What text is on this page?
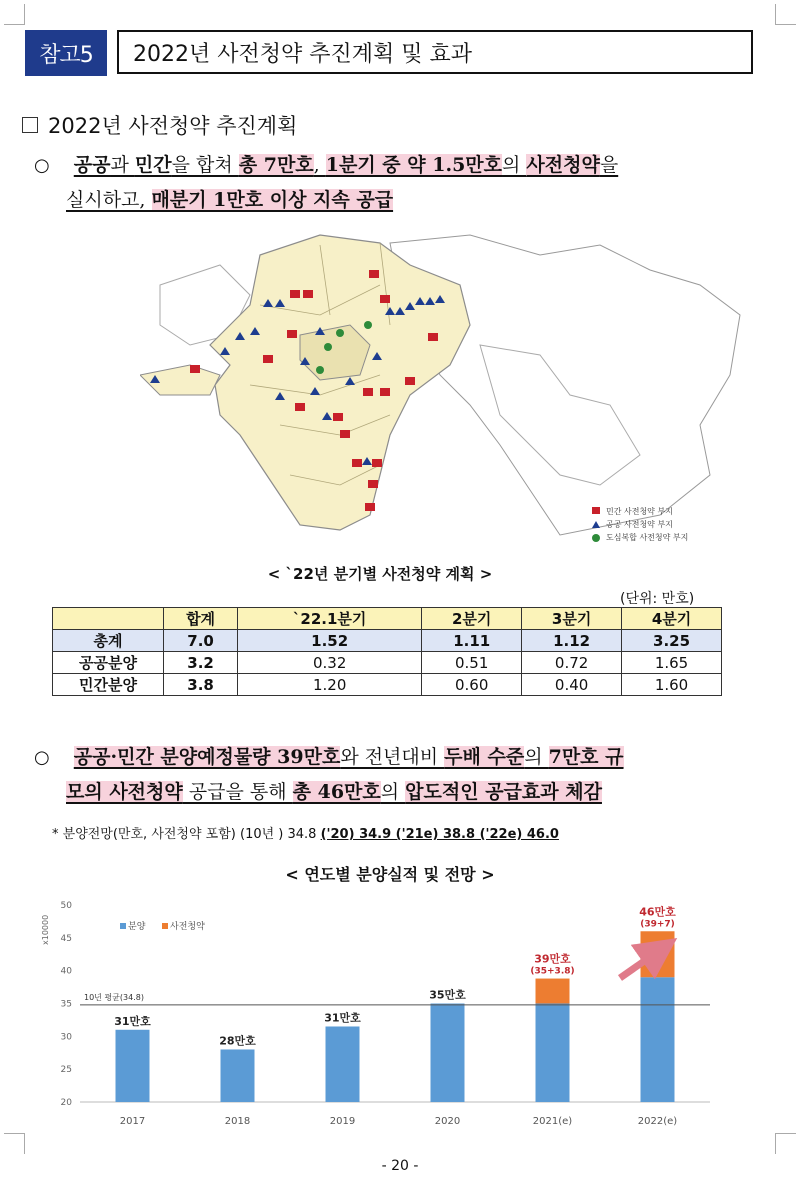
참고5	2022년 사전청약 추진계획 및 효과
2022년 사전청약 추진계획
○ 공공과 민간을 합쳐 총 7만호, 1분기 중 약 1.5만호의 사전청약을
실시하고, 매분기 1만호 이상 지속 공급
민간 사전청약 부지
공공 사전청약 부지
도심복합 사전청약 부지
< `22년 분기별 사전청약 계획 >
(단위: 만호)
	합계	`22.1분기	2분기	3분기	4분기
총계	7.0	1.52	1.11	1.12	3.25
공공분양	3.2	0.32	0.51	0.72	1.65
민간분양	3.8	1.20	0.60	0.40	1.60
○ 공공·민간 분양예정물량 39만호와 전년대비 두배 수준의 7만호 규
모의 사전청약 공급을 통해 총 46만호의 압도적인 공급효과 체감
* 분양전망(만호, 사전청약 포함) (10년 ) 34.8 ('20) 34.9 ('21e) 38.8 ('22e) 46.0
< 연도별 분양실적 및 전망 >
20
25
30
35
40
45
50
10년 평균(34.8)
2017
31만호
2018
28만호
2019
31만호
2020
35만호
2021(e)
39만호
(35+3.8)
2022(e)
46만호
(39+7)
분양	사전청약
x10000
- 20 -
